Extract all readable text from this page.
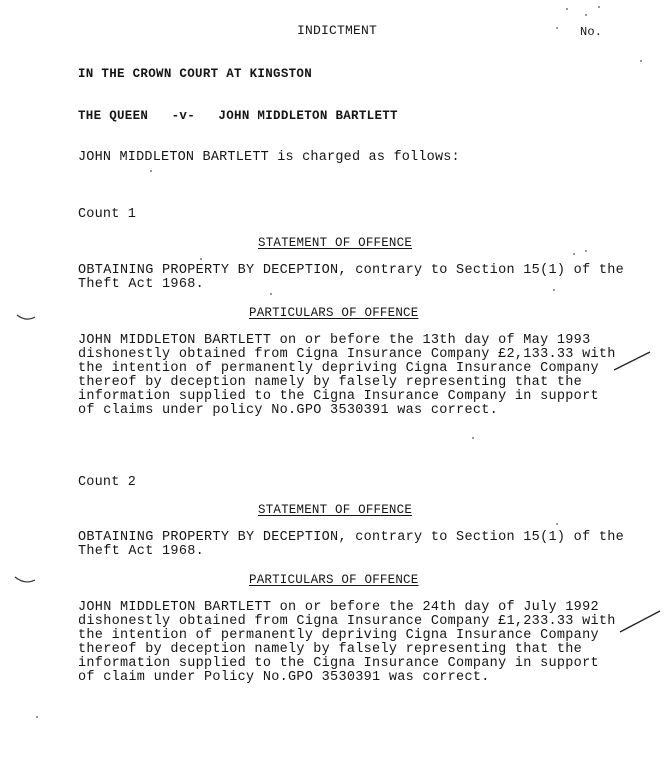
INDICTMENT	No.
IN THE CROWN COURT AT KINGSTON
THE QUEEN   -v-   JOHN MIDDLETON BARTLETT
JOHN MIDDLETON BARTLETT is charged as follows:
Count 1
STATEMENT OF OFFENCE
OBTAINING PROPERTY BY DECEPTION, contrary to Section 15(1) of the
Theft Act 1968.
PARTICULARS OF OFFENCE
JOHN MIDDLETON BARTLETT on or before the 13th day of May 1993
dishonestly obtained from Cigna Insurance Company £2,133.33 with
the intention of permanently depriving Cigna Insurance Company
thereof by deception namely by falsely representing that the
information supplied to the Cigna Insurance Company in support
of claims under policy No.GPO 3530391 was correct.
Count 2
STATEMENT OF OFFENCE
OBTAINING PROPERTY BY DECEPTION, contrary to Section 15(1) of the
Theft Act 1968.
PARTICULARS OF OFFENCE
JOHN MIDDLETON BARTLETT on or before the 24th day of July 1992
dishonestly obtained from Cigna Insurance Company £1,233.33 with
the intention of permanently depriving Cigna Insurance Company
thereof by deception namely by falsely representing that the
information supplied to the Cigna Insurance Company in support
of claim under Policy No.GPO 3530391 was correct.
